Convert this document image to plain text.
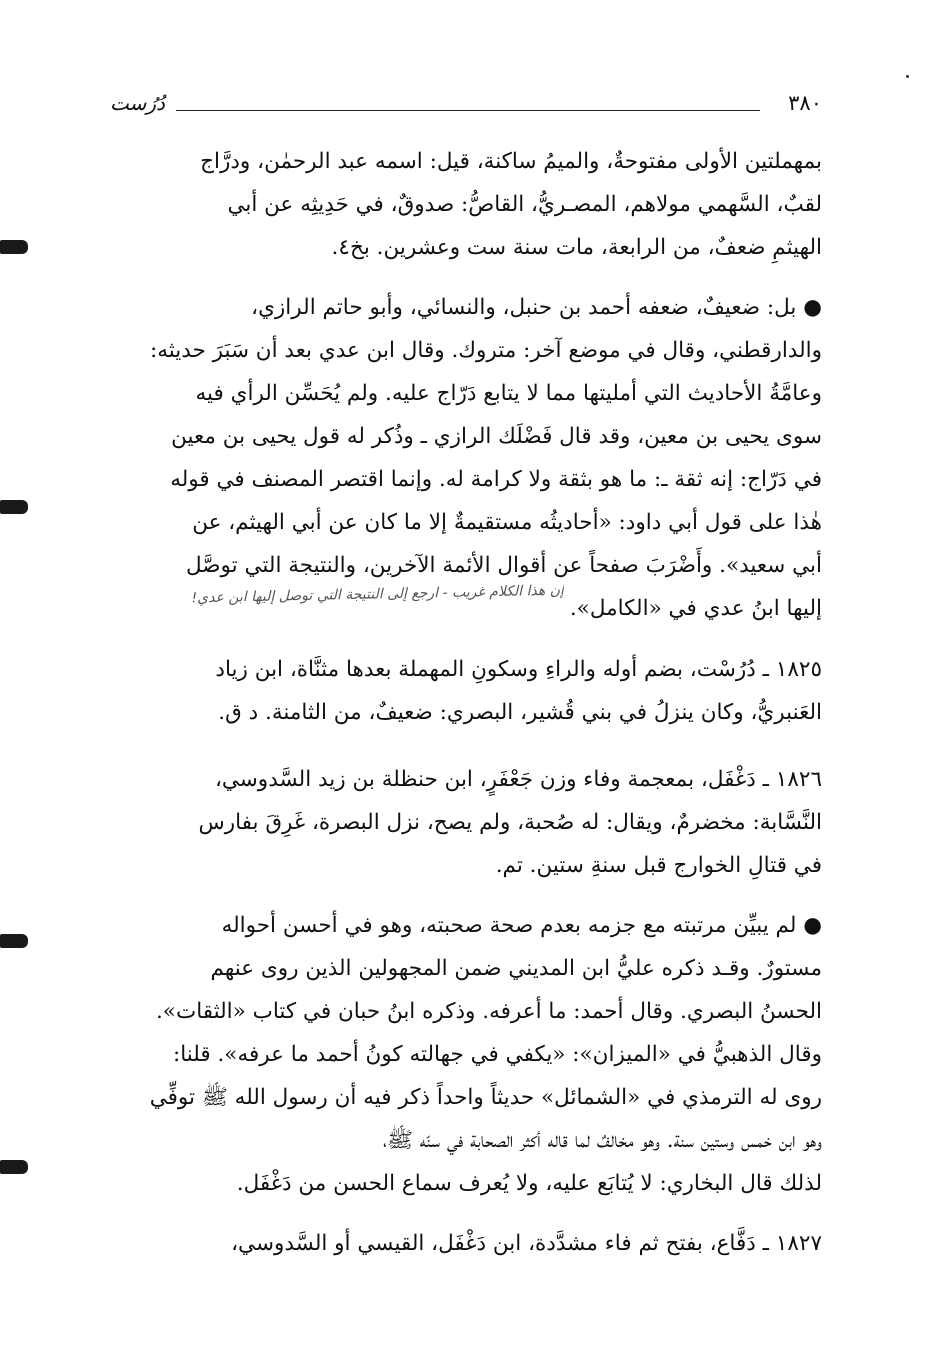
٣٨٠
دُرُست

بمهملتين الأولى مفتوحةٌ، والميمُ ساكنة، قيل: اسمه عبد الرحمٰن، ودرَّاج
لقبٌ، السَّهمي مولاهم، المصـريُّ، القاصُّ: صدوقٌ، في حَدِيثِه عن أبي
الهيثمِ ضعفٌ، من الرابعة، مات سنة ست وعشرين. بخ٤.

● بل: ضعيفٌ، ضعفه أحمد بن حنبل، والنسائي، وأبو حاتم الرازي،
والدارقطني، وقال في موضع آخر: متروك. وقال ابن عدي بعد أن سَبَرَ حديثه:
وعامَّةُ الأحاديث التي أمليتها مما لا يتابع دَرّاج عليه. ولم يُحَسِّن الرأي فيه
سوى يحيى بن معين، وقد قال فَضْلَك الرازي ـ وذُكر له قول يحيى بن معين
في دَرّاج: إنه ثقة ـ: ما هو بثقة ولا كرامة له. وإنما اقتصر المصنف في قوله
هٰذا على قول أبي داود: «أحاديثُه مستقيمةٌ إلا ما كان عن أبي الهيثم، عن
أبي سعيد». وأَضْرَبَ صفحاً عن أقوال الأئمة الآخرين، والنتيجة التي توصَّل
إليها ابنُ عدي في «الكامل».

إن هذا الكلام غريب - ارجع إلى النتيجة التي توصل إليها ابن عدي!

١٨٢٥ ـ دُرُسْت، بضم أوله والراءِ وسكونِ المهملة بعدها مثنَّاة، ابن زياد
العَنبريُّ، وكان ينزلُ في بني قُشير، البصري: ضعيفٌ، من الثامنة. د ق.

١٨٢٦ ـ دَغْفَل، بمعجمة وفاء وزن جَعْفَرٍ، ابن حنظلة بن زيد السَّدوسي،
النَّسَّابة: مخضرمٌ، ويقال: له صُحبة، ولم يصح، نزل البصرة، غَرِقَ بفارس
في قتالِ الخوارج قبل سنةِ ستين. تم.

● لم يبيِّن مرتبته مع جزمه بعدم صحة صحبته، وهو في أحسن أحواله
مستورٌ. وقـد ذكره عليُّ ابن المديني ضمن المجهولين الذين روى عنهم
الحسنُ البصري. وقال أحمد: ما أعرفه. وذكره ابنُ حبان في كتاب «الثقات».
وقال الذهبيُّ في «الميزان»: «يكفي في جهالته كونُ أحمد ما عرفه». قلنا:
روى له الترمذي في «الشمائل» حديثاً واحداً ذكر فيه أن رسول الله ﷺ توفِّي
وهو ابن خمس وستين سنة. وهو مخالفٌ لما قاله أكثر الصحابة في سنّه ﷺ،
لذلك قال البخاري: لا يُتابَع عليه، ولا يُعرف سماع الحسن من دَغْفَل.

١٨٢٧ ـ دَفَّاع، بفتح ثم فاء مشدَّدة، ابن دَغْفَل، القيسي أو السَّدوسي،
